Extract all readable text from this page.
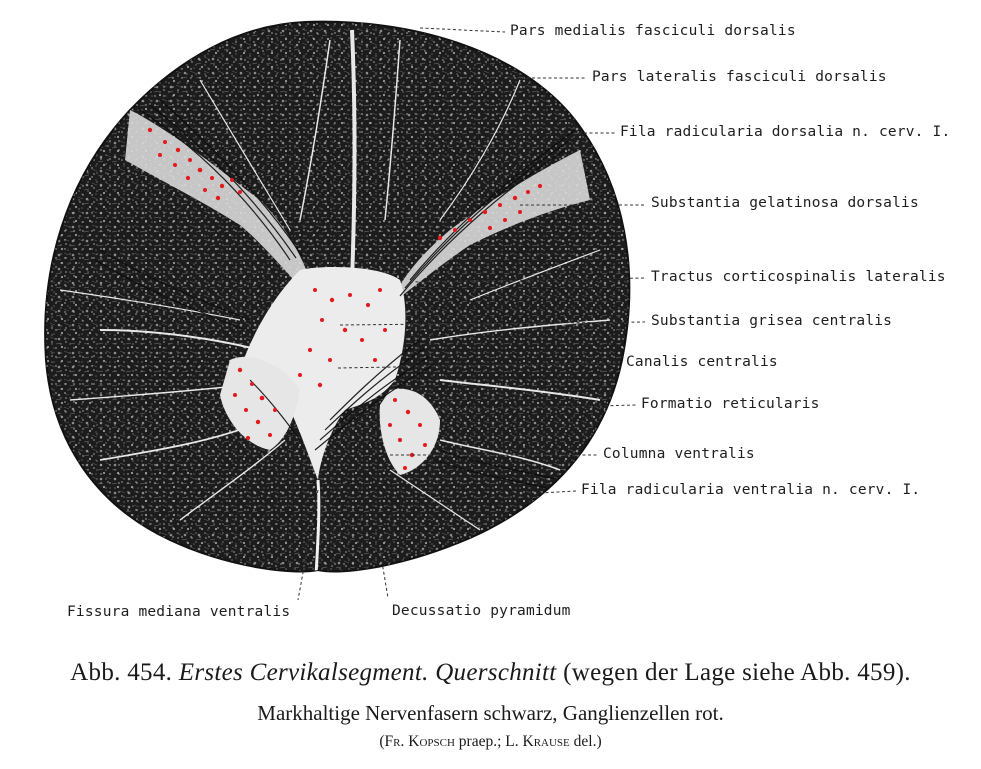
Pars medialis fasciculi dorsalis
Pars lateralis fasciculi dorsalis
Fila radicularia dorsalia n. cerv. I.
Substantia gelatinosa dorsalis
Tractus corticospinalis lateralis
Substantia grisea centralis
Canalis centralis
Formatio reticularis
Columna ventralis
Fila radicularia ventralia n. cerv. I.
Fissura mediana ventralis	Decussatio pyramidum
Abb. 454. Erstes Cervikalsegment. Querschnitt (wegen der Lage siehe Abb. 459).
Markhaltige Nervenfasern schwarz, Ganglienzellen rot.
(Fr. Kopsch praep.; L. Krause del.)
